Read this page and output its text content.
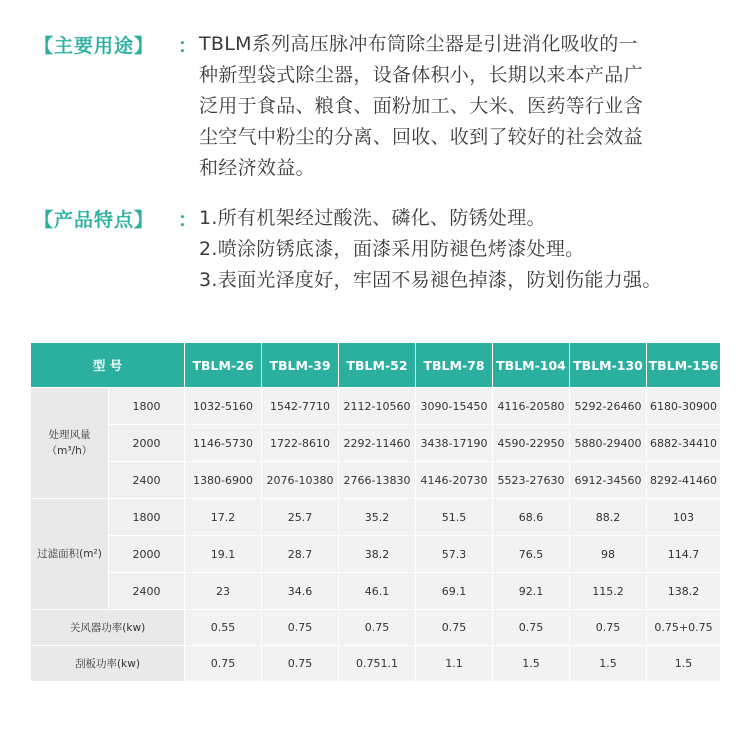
【主要用途】 ： TBLM系列高压脉冲布筒除尘器是引进消化吸收的一
种新型袋式除尘器，设备体积小，长期以来本产品广
泛用于食品、粮食、面粉加工、大米、医药等行业含
尘空气中粉尘的分离、回收、收到了较好的社会效益
和经济效益。
【产品特点】 ： 1.所有机架经过酸洗、磷化、防锈处理。
2.喷涂防锈底漆，面漆采用防褪色烤漆处理。
3.表面光泽度好，牢固不易褪色掉漆，防划伤能力强。
型 号		TBLM-26	TBLM-39	TBLM-52	TBLM-78	TBLM-104	TBLM-130	TBLM-156
处理风量
（m³/h）	1800	1032-5160	1542-7710	2112-10560	3090-15450	4116-20580	5292-26460	6180-30900
	2000	1146-5730	1722-8610	2292-11460	3438-17190	4590-22950	5880-29400	6882-34410
	2400	1380-6900	2076-10380	2766-13830	4146-20730	5523-27630	6912-34560	8292-41460
过滤面积(m²)	1800	17.2	25.7	35.2	51.5	68.6	88.2	103
	2000	19.1	28.7	38.2	57.3	76.5	98	114.7
	2400	23	34.6	46.1	69.1	92.1	115.2	138.2
关风器功率(kw)		0.55	0.75	0.75	0.75	0.75	0.75	0.75+0.75
刮板功率(kw)		0.75	0.75	0.751.1	1.1	1.5	1.5	1.5
